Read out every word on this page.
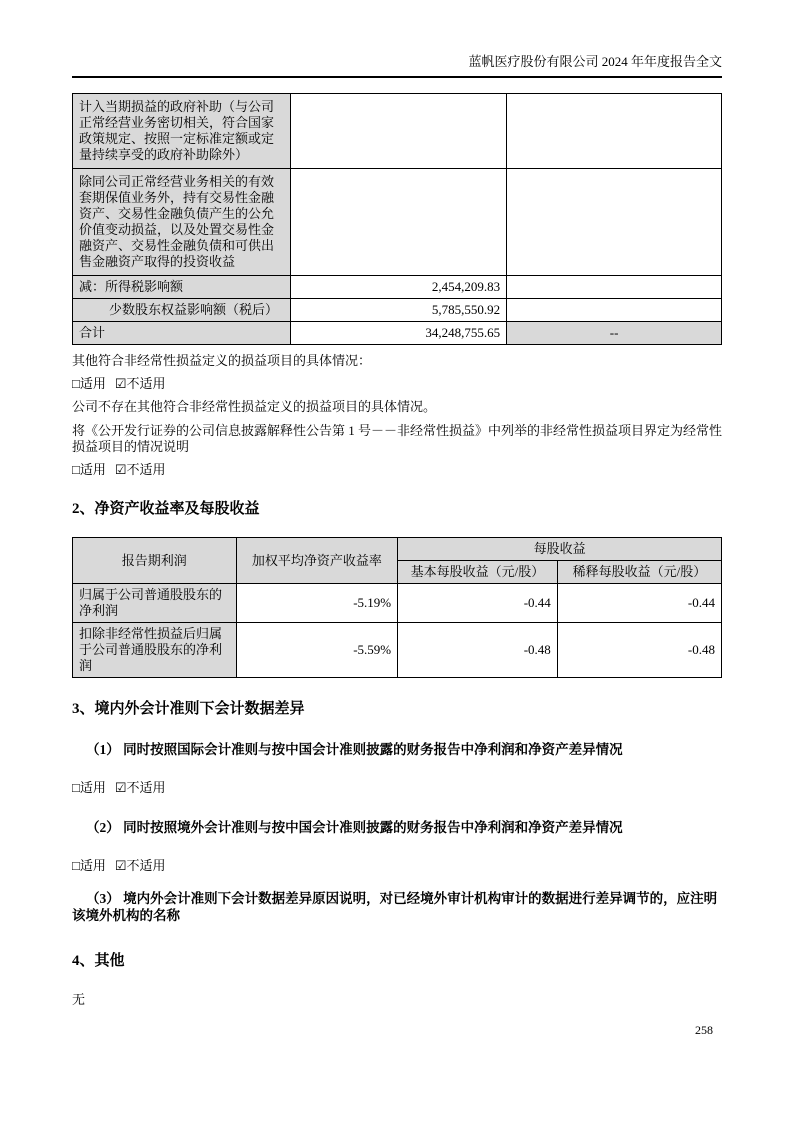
蓝帆医疗股份有限公司 2024 年年度报告全文
计入当期损益的政府补助（与公司正常经营业务密切相关，符合国家政策规定、按照一定标准定额或定量持续享受的政府补助除外）		
除同公司正常经营业务相关的有效套期保值业务外，持有交易性金融资产、交易性金融负债产生的公允价值变动损益，以及处置交易性金融资产、交易性金融负债和可供出售金融资产取得的投资收益		
减：所得税影响额	2,454,209.83	
少数股东权益影响额（税后）	5,785,550.92	
合计	34,248,755.65	--

其他符合非经常性损益定义的损益项目的具体情况：

□适用 ☑不适用

公司不存在其他符合非经常性损益定义的损益项目的具体情况。

将《公开发行证券的公司信息披露解释性公告第 1 号－－非经常性损益》中列举的非经常性损益项目界定为经常性损益项目的情况说明

□适用 ☑不适用

2、净资产收益率及每股收益

报告期利润	加权平均净资产收益率	每股收益	
		基本每股收益（元/股）	稀释每股收益（元/股）
归属于公司普通股股东的净利润	-5.19%	-0.44	-0.44
扣除非经常性损益后归属于公司普通股股东的净利润	-5.59%	-0.48	-0.48

3、境内外会计准则下会计数据差异

（1） 同时按照国际会计准则与按中国会计准则披露的财务报告中净利润和净资产差异情况

□适用 ☑不适用

（2） 同时按照境外会计准则与按中国会计准则披露的财务报告中净利润和净资产差异情况

□适用 ☑不适用

（3） 境内外会计准则下会计数据差异原因说明，对已经境外审计机构审计的数据进行差异调节的，应注明该境外机构的名称

4、其他

无

258
